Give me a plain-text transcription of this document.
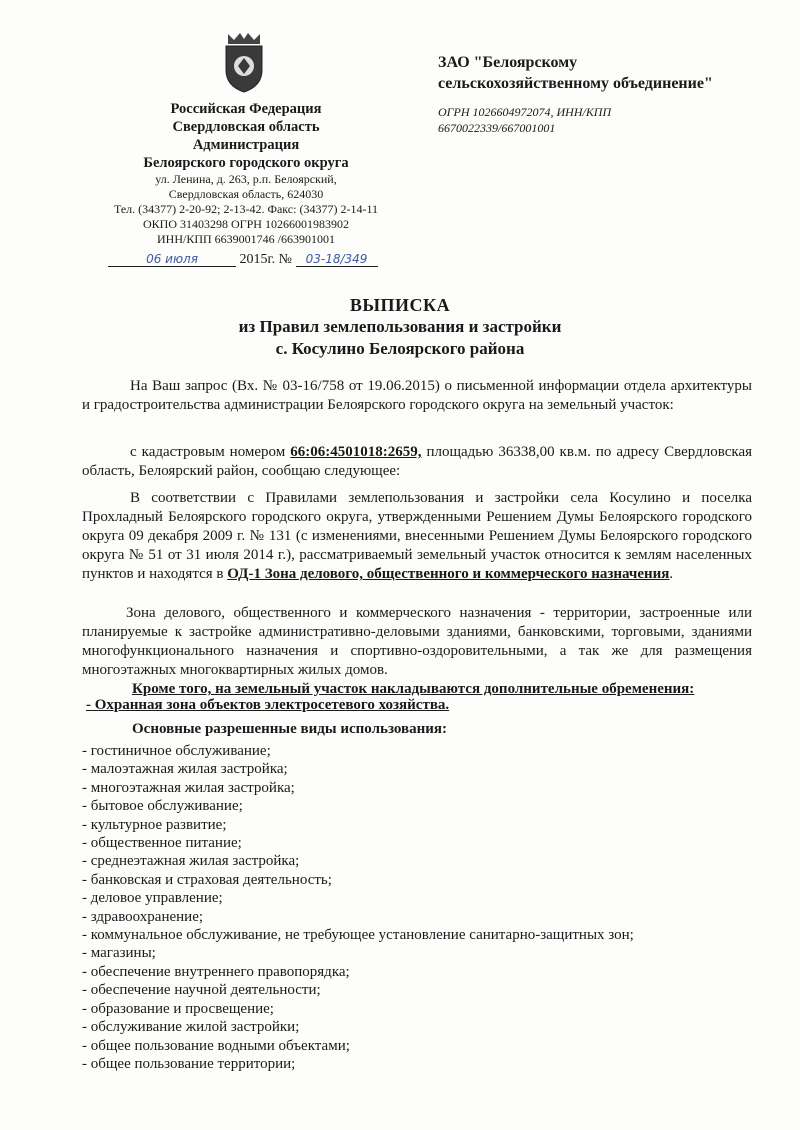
Российская Федерация
Свердловская область
Администрация
Белоярского городского округа
ул. Ленина, д. 263, р.п. Белоярский,
Свердловская область, 624030
Тел. (34377) 2-20-92; 2-13-42. Факс: (34377) 2-14-11
ОКПО 31403298 ОГРН 1026600198390​2
ИНН/КПП 6639001746 /663901001
ЗАО "Белоярскому
сельскохозяйственному объединение"
ОГРН 1026604972074, ИНН/КПП
6670022339/667001001
06 июля	2015г. № 03-18/349
ВЫПИСКА
из Правил землепользования и застройки
с. Косулино Белоярского района
На Ваш запрос (Вх. № 03-16/758 от 19.06.2015) о письменной информации отдела архитектуры и градостроительства администрации Белоярского городского округа на земельный участок:
с кадастровым номером 66:06:4501018:2659, площадью 36338,00 кв.м. по адресу Свердловская область, Белоярский район, сообщаю следующее:
В соответствии с Правилами землепользования и застройки села Косулино и поселка Прохладный Белоярского городского округа, утвержденными Решением Думы Белоярского городского округа 09 декабря 2009 г. № 131 (с изменениями, внесенными Решением Думы Белоярского городского округа № 51 от 31 июля 2014 г.), рассматриваемый земельный участок относится к землям населенных пунктов и находятся в ОД-1 Зона делового, общественного и коммерческого назначения.
Зона делового, общественного и коммерческого назначения - территории, застроенные или планируемые к застройке административно-деловыми зданиями, банковскими, торговыми, зданиями многофункционального назначения и спортивно-оздоровительными, а так же для размещения многоэтажных многоквартирных жилых домов.
Кроме того, на земельный участок накладываются дополнительные обременения:
- Охранная зона объектов электросетевого хозяйства.
Основные разрешенные виды использования:
- гостиничное обслуживание;
- малоэтажная жилая застройка;
- многоэтажная жилая застройка;
- бытовое обслуживание;
- культурное развитие;
- общественное питание;
- среднеэтажная жилая застройка;
- банковская и страховая деятельность;
- деловое управление;
- здравоохранение;
- коммунальное обслуживание, не требующее установление санитарно-защитных зон;
- магазины;
- обеспечение внутреннего правопорядка;
- обеспечение научной деятельности;
- образование и просвещение;
- обслуживание жилой застройки;
- общее пользование водными объектами;
- общее пользование территории;
